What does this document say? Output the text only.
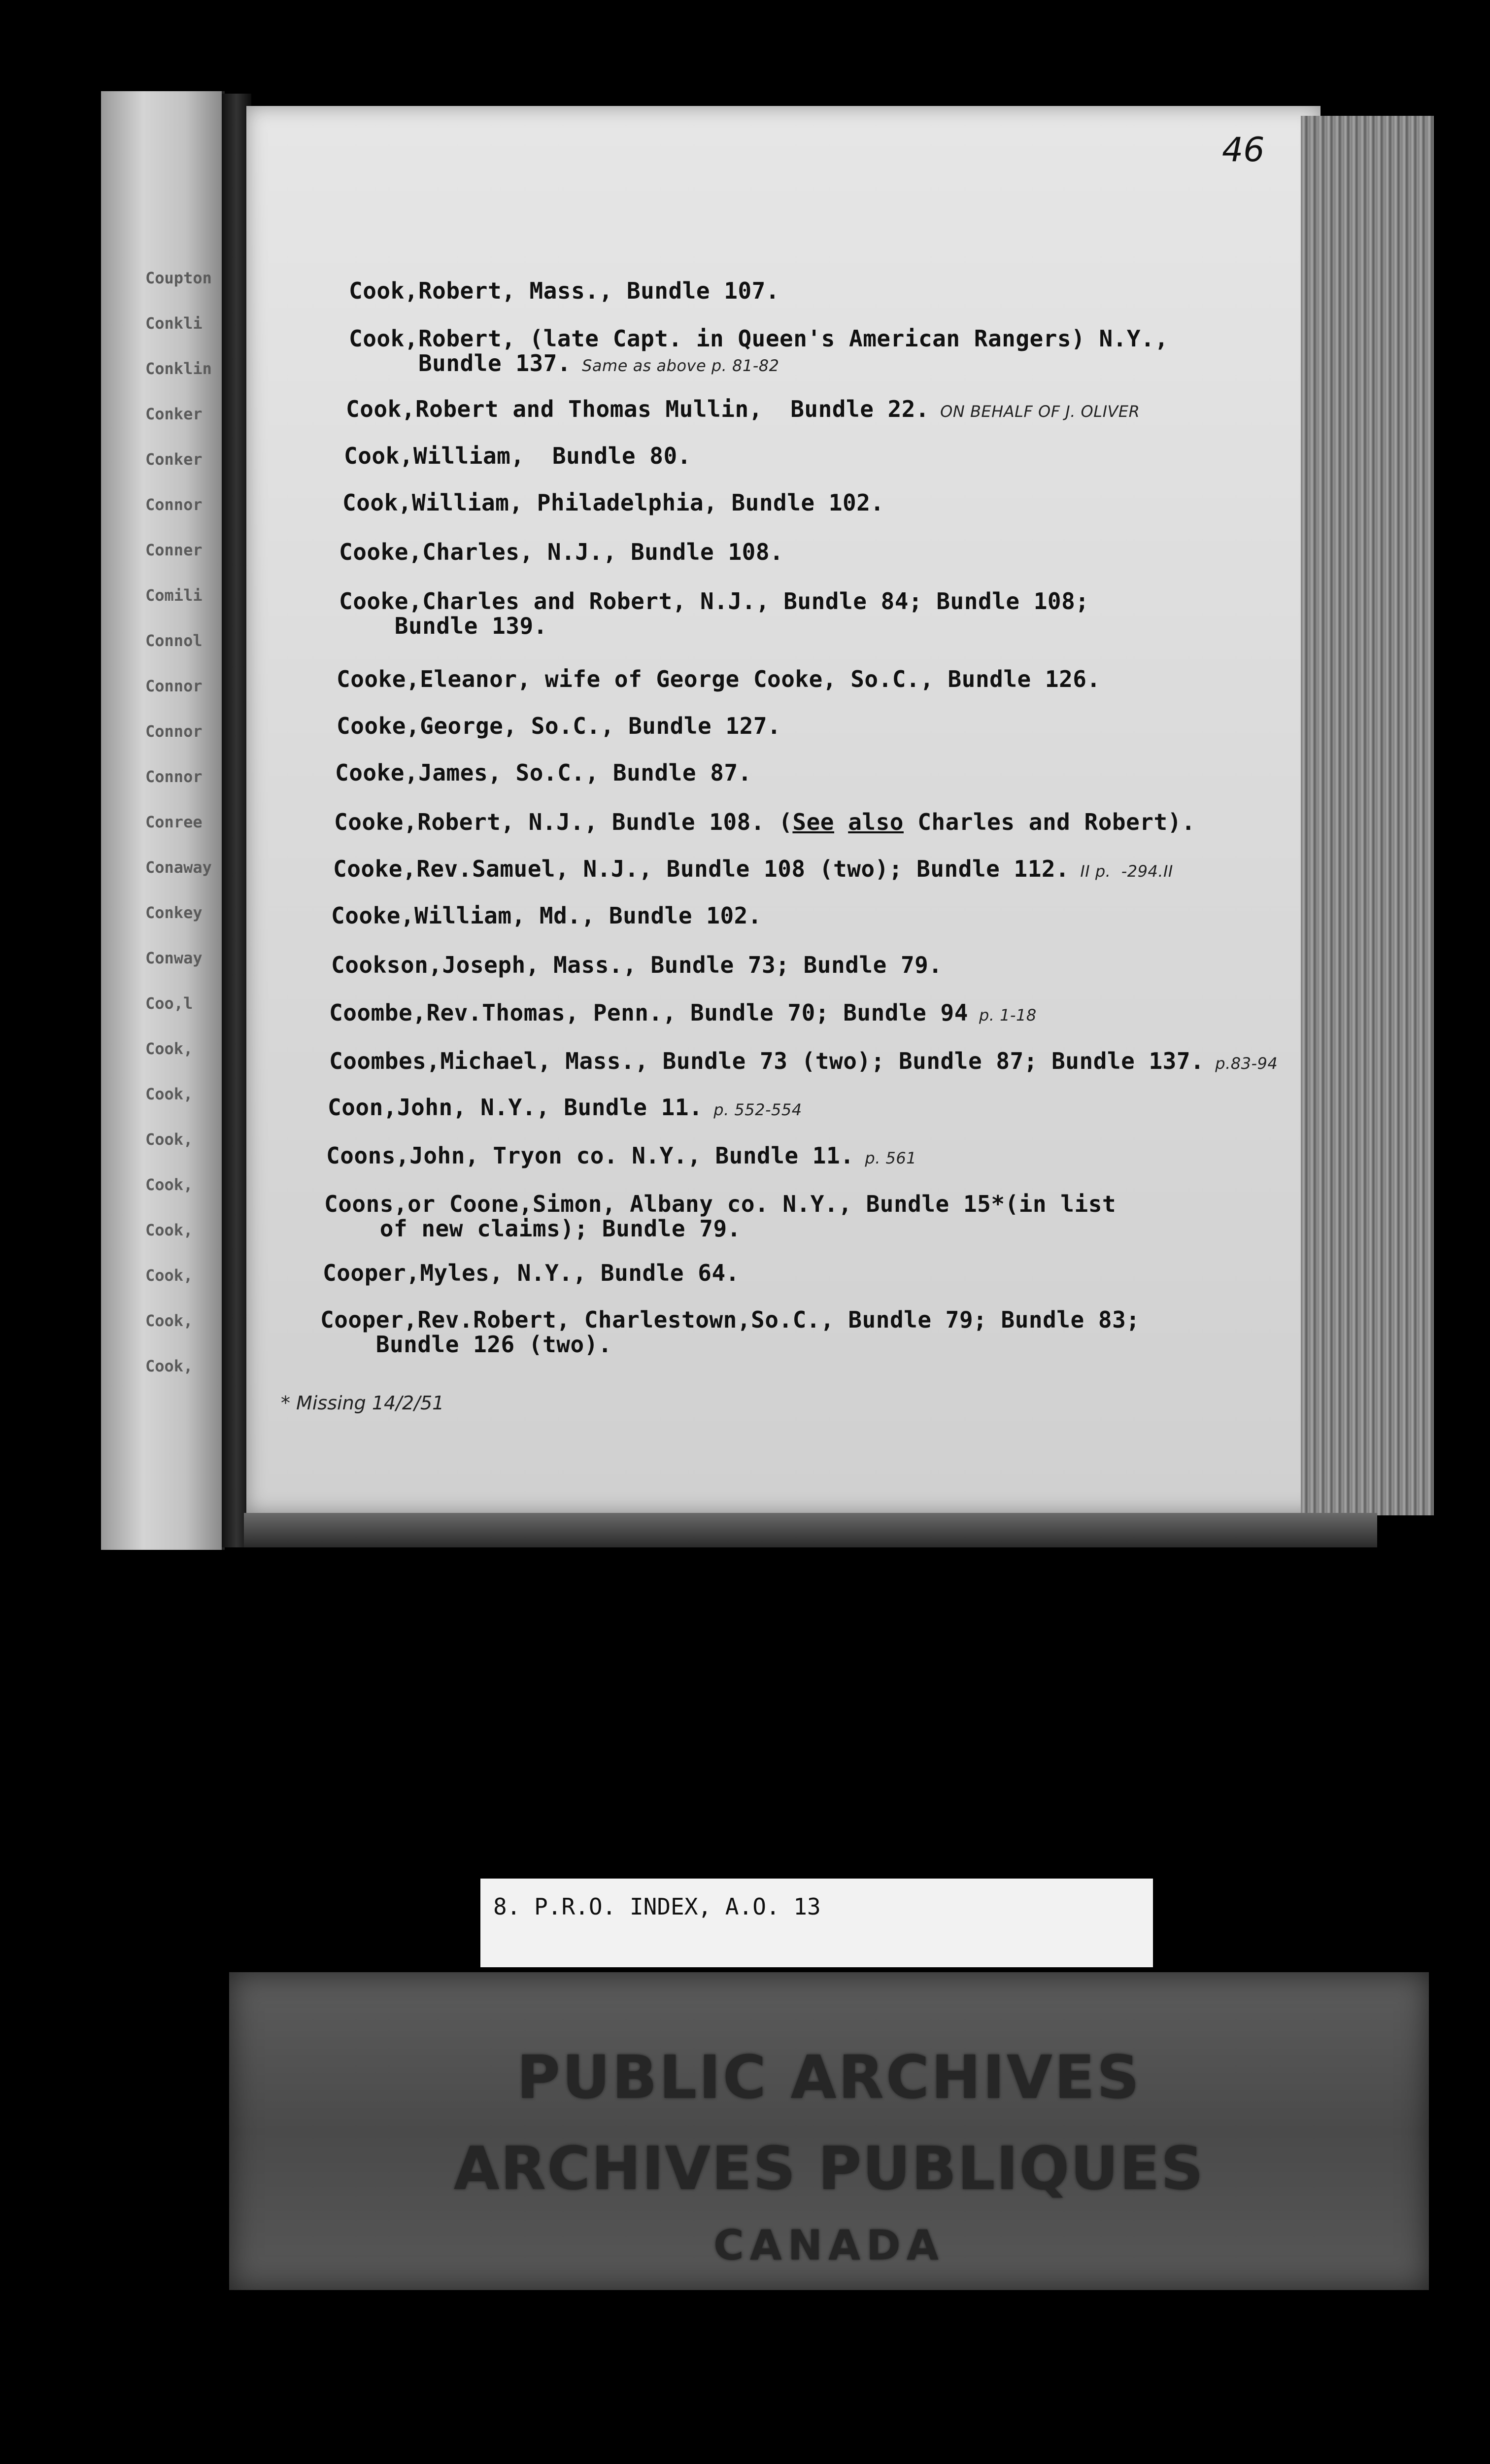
Coupton
Conkli
Conklin
Conker
Conker
Connor
Conner
Comili
Connol
Connor
Connor
Connor
Conree
Conaway
Conkey
Conway
Coo,l
Cook,
Cook,
Cook,
Cook,
Cook,
Cook,
Cook,
Cook,
46
Cook,Robert, Mass., Bundle 107.
Cook,Robert, (late Capt. in Queen's American Rangers) N.Y.,
Bundle 137. Same as above p. 81-82
Cook,Robert and Thomas Mullin,  Bundle 22. ON BEHALF OF J. OLIVER
Cook,William,  Bundle 80.
Cook,William, Philadelphia, Bundle 102.
Cooke,Charles, N.J., Bundle 108.
Cooke,Charles and Robert, N.J., Bundle 84; Bundle 108;
Bundle 139.
Cooke,Eleanor, wife of George Cooke, So.C., Bundle 126.
Cooke,George, So.C., Bundle 127.
Cooke,James, So.C., Bundle 87.
Cooke,Robert, N.J., Bundle 108. (See also Charles and Robert).
Cooke,Rev.Samuel, N.J., Bundle 108 (two); Bundle 112. II p.  -294.II
Cooke,William, Md., Bundle 102.
Cookson,Joseph, Mass., Bundle 73; Bundle 79.
Coombe,Rev.Thomas, Penn., Bundle 70; Bundle 94 p. 1-18
Coombes,Michael, Mass., Bundle 73 (two); Bundle 87; Bundle 137. p.83-94
Coon,John, N.Y., Bundle 11. p. 552-554
Coons,John, Tryon co. N.Y., Bundle 11. p. 561
Coons,or Coone,Simon, Albany co. N.Y., Bundle 15*(in list
of new claims); Bundle 79.
Cooper,Myles, N.Y., Bundle 64.
Cooper,Rev.Robert, Charlestown,So.C., Bundle 79; Bundle 83;
Bundle 126 (two).
* Missing 14/2/51
8. P.R.O. INDEX, A.O. 13
PUBLIC ARCHIVES
ARCHIVES PUBLIQUES
CANADA
